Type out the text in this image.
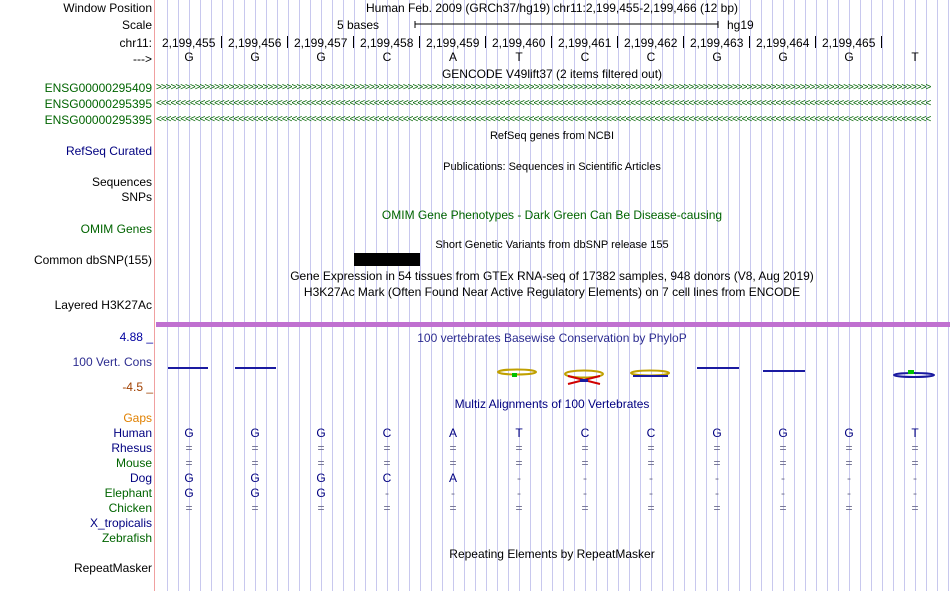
Window Position	Human Feb. 2009 (GRCh37/hg19) chr11:2,199,455-2,199,466 (12 bp)
Scale	5 bases	hg19
chr11: 2,199,455 2,199,456 2,199,457 2,199,458 2,199,459 2,199,460 2,199,461 2,199,462 2,199,463 2,199,464 2,199,465
--->	G	G	G	C	A	T	C	C	G	G	G	T
GENCODE V49lift37 (2 items filtered out)
ENSG00000295409
ENSG00000295395
ENSG00000295395
>>>>>>>>>>>>>>>>>>>>>>>>>>>>>>>>>>>>>>>>>>>>>>>>>>>>>>>>>>>>>>>>>>>>>>>>>>>>>>>>>>>>>>>>>>>>>>>>>>>>>>>>>>>>>>>>>>>>>>>>>>>>>>>>>>>>>>>>>>>>>>>>>>>>>>>>>>>>>>>>
<<<<<<<<<<<<<<<<<<<<<<<<<<<<<<<<<<<<<<<<<<<<<<<<<<<<<<<<<<<<<<<<<<<<<<<<<<<<<<<<<<<<<<<<<<<<<<<<<<<<<<<<<<<<<<<<<<<<<<<<<<<<<<<<<<<<<<<<<<<<<<<<<<<<<<<<<<<<<<<<
<<<<<<<<<<<<<<<<<<<<<<<<<<<<<<<<<<<<<<<<<<<<<<<<<<<<<<<<<<<<<<<<<<<<<<<<<<<<<<<<<<<<<<<<<<<<<<<<<<<<<<<<<<<<<<<<<<<<<<<<<<<<<<<<<<<<<<<<<<<<<<<<<<<<<<<<<<<<<<<<
RefSeq genes from NCBI
RefSeq Curated
Publications: Sequences in Scientific Articles
Sequences
SNPs
OMIM Gene Phenotypes - Dark Green Can Be Disease-causing
OMIM Genes
Short Genetic Variants from dbSNP release 155
Common dbSNP(155)
Gene Expression in 54 tissues from GTEx RNA-seq of 17382 samples, 948 donors (V8, Aug 2019)
H3K27Ac Mark (Often Found Near Active Regulatory Elements) on 7 cell lines from ENCODE
Layered H3K27Ac
100 vertebrates Basewise Conservation by PhyloP
4.88 _
100 Vert. Cons
-4.5 _
Multiz Alignments of 100 Vertebrates
Gaps
Human	G	G	G	C	A	T	C	C	G	G	G	T
Rhesus	=	=	=	=	=	=	=	=	=	=	=	=
Mouse	=	=	=	=	=	=	=	=	=	=	=	=
Dog	G	G	G	C	A	-	-	-	-	-	-	-
Elephant	G	G	G	-	-	-	-	-	-	-	-	-
Chicken	=	=	=	=	=	=	=	=	=	=	=	=
X_tropicalis
Zebrafish
Repeating Elements by RepeatMasker
RepeatMasker
